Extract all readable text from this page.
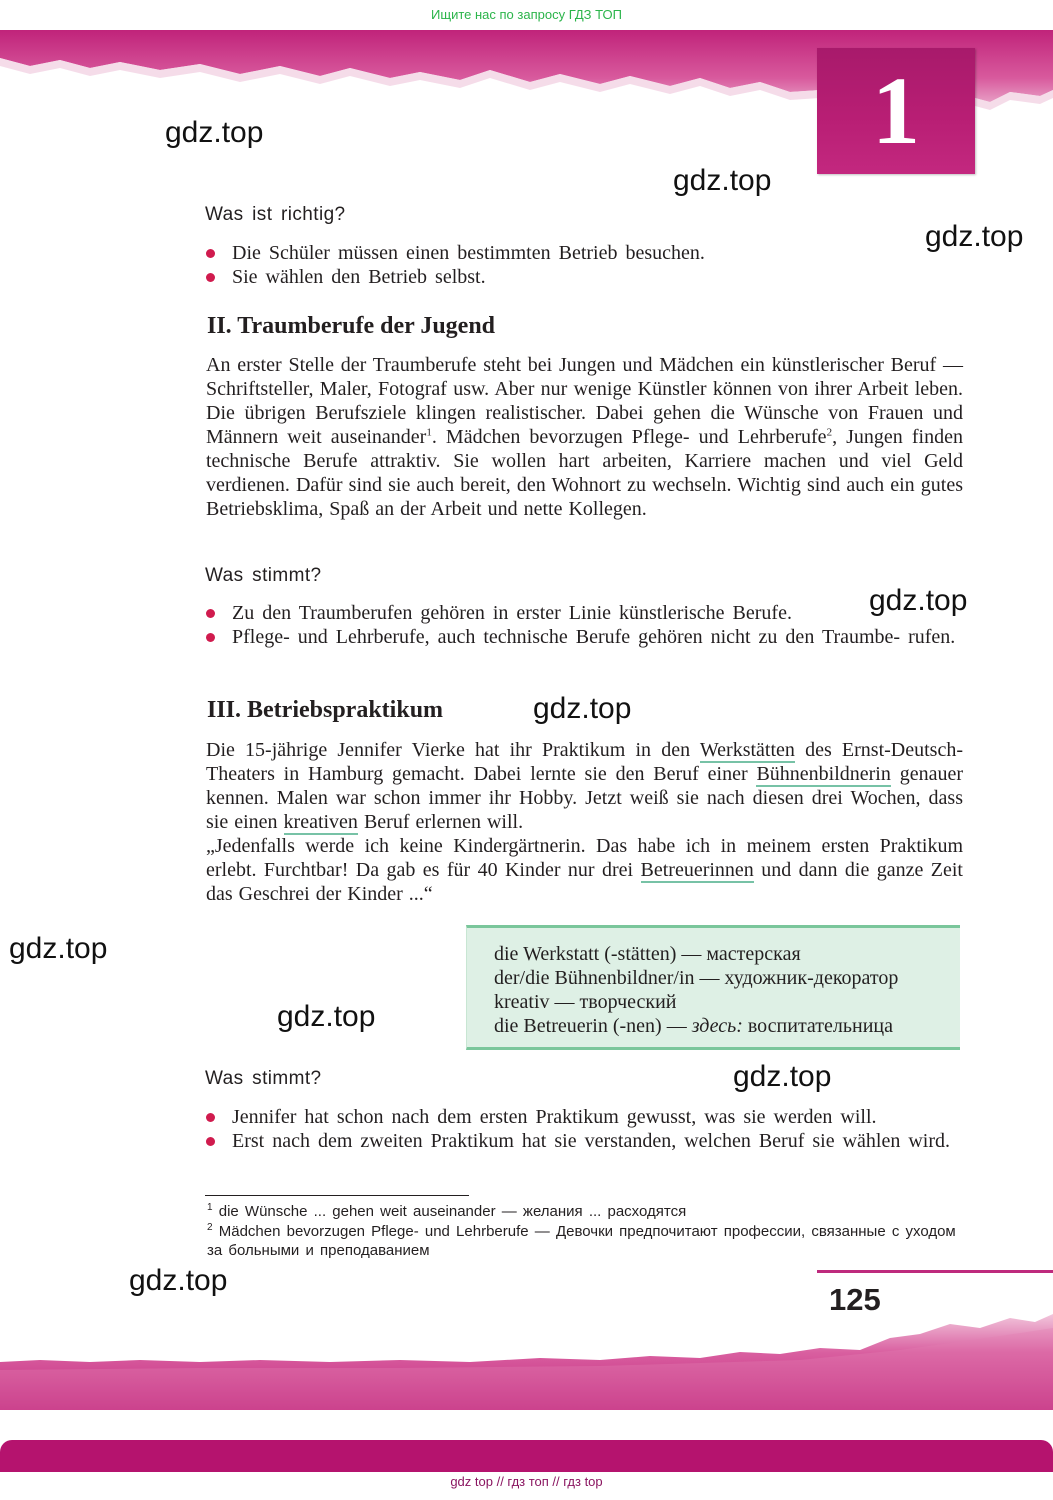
Ищите нас по запросу ГДЗ ТОП
1
gdz.top
gdz.top
gdz.top
gdz.top
gdz.top
gdz.top
gdz.top
gdz.top
gdz.top
Was ist richtig?
Die Schüler müssen einen bestimmten Betrieb besuchen.
Sie wählen den Betrieb selbst.
II. Traumberufe der Jugend

An erster Stelle der Traumberufe steht bei Jungen und Mädchen ein künstlerischer Beruf — Schriftsteller, Maler, Fotograf usw. Aber nur wenige Künstler können von ihrer Arbeit leben. Die übrigen Berufsziele klingen realistischer. Dabei gehen die Wünsche von Frauen und Männern weit auseinander$^1$. Mädchen bevorzugen Pflege- und Lehrberufe$^2$, Jungen finden technische Berufe attraktiv. Sie wollen hart arbeiten, Karriere machen und viel Geld verdienen. Dafür sind sie auch bereit, den Wohnort zu wechseln. Wichtig sind auch ein gutes Betriebsklima, Spaß an der Arbeit und nette Kollegen.

Was stimmt?
Zu den Traumberufen gehören in erster Linie künstlerische Berufe.
Pflege- und Lehrberufe, auch technische Berufe gehören nicht zu den Traumbe- rufen.
III. Betriebspraktikum

Die 15-jährige Jennifer Vierke hat ihr Praktikum in den Werkstätten des Ernst-Deutsch-Theaters in Hamburg gemacht. Dabei lernte sie den Beruf einer Bühnenbildnerin genauer kennen. Malen war schon immer ihr Hobby. Jetzt weiß sie nach diesen drei Wochen, dass sie einen kreativen Beruf erlernen will.

„Jedenfalls werde ich keine Kindergärtnerin. Das habe ich in meinem ersten Praktikum erlebt. Furchtbar! Da gab es für 40 Kinder nur drei Betreuerinnen und dann die ganze Zeit das Geschrei der Kinder ...“

die Werkstatt (-stätten) — мастерская
der/die Bühnenbildner/in — художник-декоратор
kreativ — творческий
die Betreuerin (-nen) — здесь: воспитательница
Was stimmt?
Jennifer hat schon nach dem ersten Praktikum gewusst, was sie werden will.
Erst nach dem zweiten Praktikum hat sie verstanden, welchen Beruf sie wählen wird.
$^1$ die Wünsche ... gehen weit auseinander — желания ... расходятся
$^2$ Mädchen bevorzugen Pflege- und Lehrberufe — Девочки предпочитают профессии, связанные с уходом за больными и преподаванием
125
gdz top // гдз топ // гдз top
